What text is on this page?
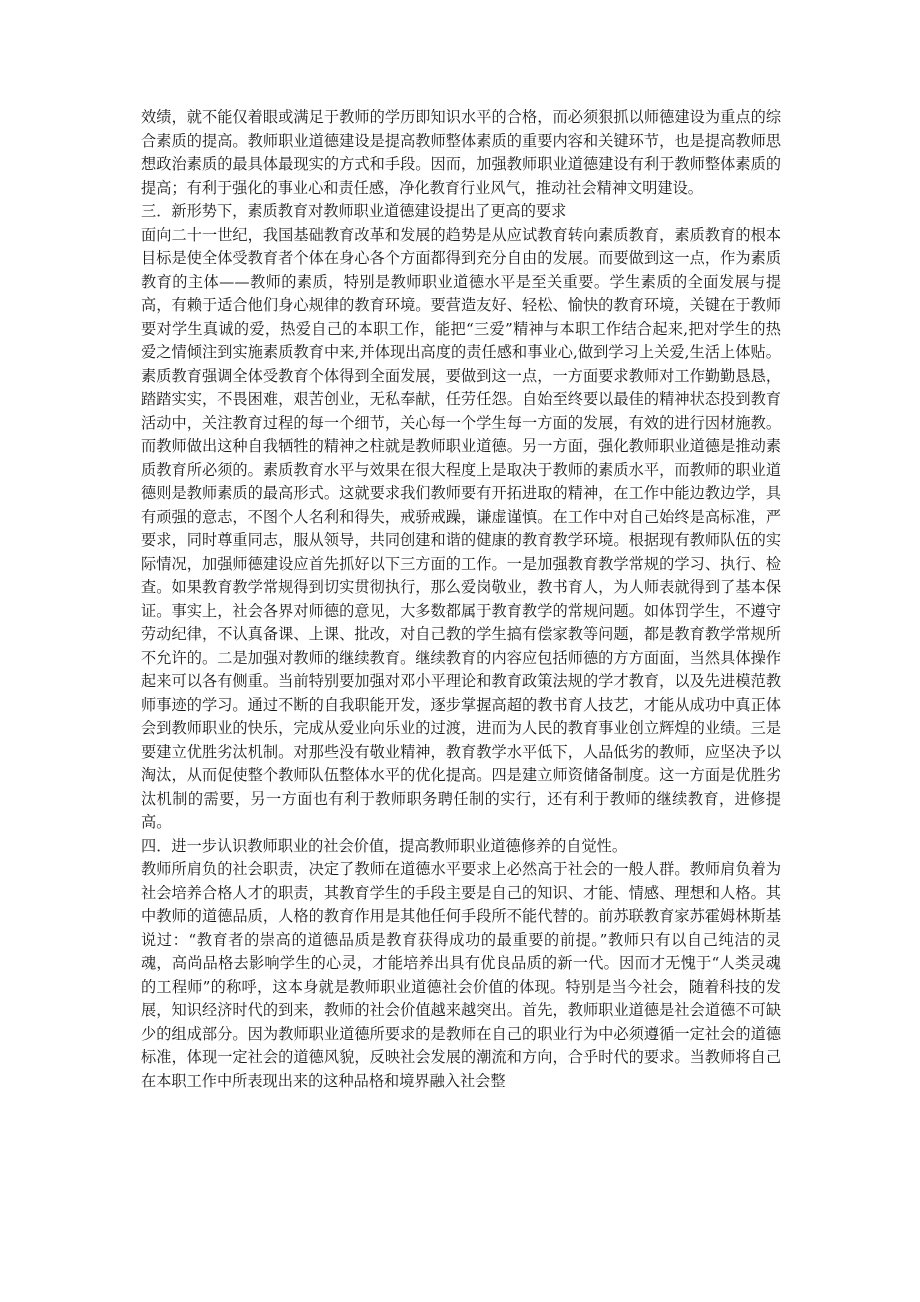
效绩，就不能仅着眼或满足于教师的学历即知识水平的合格，而必须狠抓以师德建设为重点的综合素质的提高。教师职业道德建设是提高教师整体素质的重要内容和关键环节，也是提高教师思想政治素质的最具体最现实的方式和手段。因而，加强教师职业道德建设有利于教师整体素质的提高；有利于强化的事业心和责任感，净化教育行业风气，推动社会精神文明建设。

三．新形势下，素质教育对教师职业道德建设提出了更高的要求

面向二十一世纪，我国基础教育改革和发展的趋势是从应试教育转向素质教育，素质教育的根本目标是使全体受教育者个体在身心各个方面都得到充分自由的发展。而要做到这一点，作为素质教育的主体——教师的素质，特别是教师职业道德水平是至关重要。学生素质的全面发展与提高，有赖于适合他们身心规律的教育环境。要营造友好、轻松、愉快的教育环境，关键在于教师要对学生真诚的爱，热爱自己的本职工作，能把“三爱”精神与本职工作结合起来,把对学生的热爱之情倾注到实施素质教育中来,并体现出高度的责任感和事业心,做到学习上关爱,生活上体贴。素质教育强调全体受教育个体得到全面发展，要做到这一点，一方面要求教师对工作勤勤恳恳，踏踏实实，不畏困难，艰苦创业，无私奉献，任劳任怨。自始至终要以最佳的精神状态投到教育活动中，关注教育过程的每一个细节，关心每一个学生每一方面的发展，有效的进行因材施教。而教师做出这种自我牺牲的精神之柱就是教师职业道德。另一方面，强化教师职业道德是推动素质教育所必须的。素质教育水平与效果在很大程度上是取决于教师的素质水平，而教师的职业道德则是教师素质的最高形式。这就要求我们教师要有开拓进取的精神，在工作中能边教边学，具有顽强的意志，不图个人名利和得失，戒骄戒躁，谦虚谨慎。在工作中对自己始终是高标准，严要求，同时尊重同志，服从领导，共同创建和谐的健康的教育教学环境。根据现有教师队伍的实际情况，加强师德建设应首先抓好以下三方面的工作。一是加强教育教学常规的学习、执行、检查。如果教育教学常规得到切实贯彻执行，那么爱岗敬业，教书育人，为人师表就得到了基本保证。事实上，社会各界对师德的意见，大多数都属于教育教学的常规问题。如体罚学生，不遵守劳动纪律，不认真备课、上课、批改，对自己教的学生搞有偿家教等问题，都是教育教学常规所不允许的。二是加强对教师的继续教育。继续教育的内容应包括师德的方方面面，当然具体操作起来可以各有侧重。当前特别要加强对邓小平理论和教育政策法规的学才教育，以及先进模范教师事迹的学习。通过不断的自我职能开发，逐步掌握高超的教书育人技艺，才能从成功中真正体会到教师职业的快乐，完成从爱业向乐业的过渡，进而为人民的教育事业创立辉煌的业绩。三是要建立优胜劣汰机制。对那些没有敬业精神，教育教学水平低下，人品低劣的教师，应坚决予以淘汰，从而促使整个教师队伍整体水平的优化提高。四是建立师资储备制度。这一方面是优胜劣汰机制的需要，另一方面也有利于教师职务聘任制的实行，还有利于教师的继续教育，进修提高。

四．进一步认识教师职业的社会价值，提高教师职业道德修养的自觉性。

教师所肩负的社会职责，决定了教师在道德水平要求上必然高于社会的一般人群。教师肩负着为社会培养合格人才的职责，其教育学生的手段主要是自己的知识、才能、情感、理想和人格。其中教师的道德品质，人格的教育作用是其他任何手段所不能代替的。前苏联教育家苏霍姆林斯基说过：“教育者的崇高的道德品质是教育获得成功的最重要的前提。”教师只有以自己纯洁的灵魂，高尚品格去影响学生的心灵，才能培养出具有优良品质的新一代。因而才无愧于“人类灵魂的工程师”的称呼，这本身就是教师职业道德社会价值的体现。特别是当今社会，随着科技的发展，知识经济时代的到来，教师的社会价值越来越突出。首先，教师职业道德是社会道德不可缺少的组成部分。因为教师职业道德所要求的是教师在自己的职业行为中必须遵循一定社会的道德标准，体现一定社会的道德风貌，反映社会发展的潮流和方向，合乎时代的要求。当教师将自己在本职工作中所表现出来的这种品格和境界融入社会整
